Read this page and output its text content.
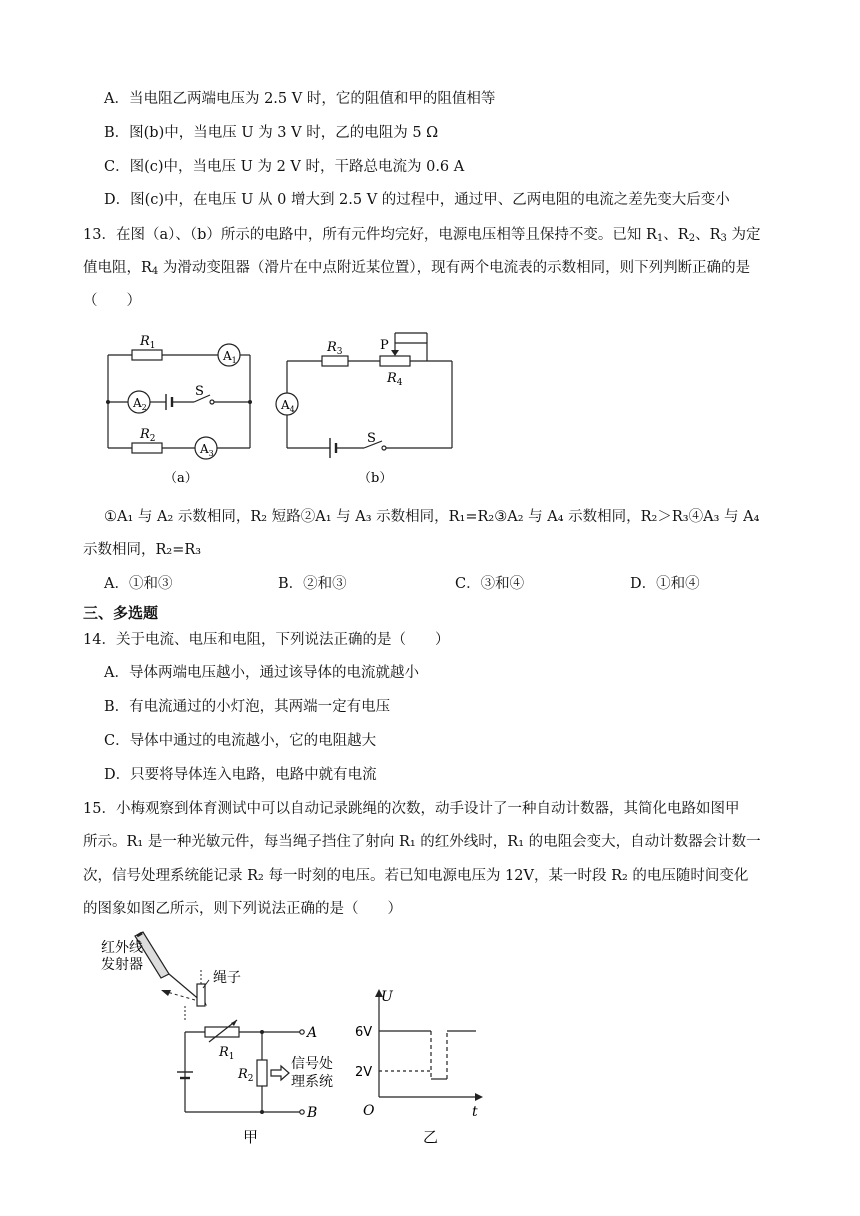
A．当电阻乙两端电压为 2.5 V 时，它的阻值和甲的阻值相等
B．图(b)中，当电压 U 为 3 V 时，乙的电阻为 5 Ω
C．图(c)中，当电压 U 为 2 V 时，干路总电流为 0.6 A
D．图(c)中，在电压 U 从 0 增大到 2.5 V 的过程中，通过甲、乙两电阻的电流之差先变大后变小
13．在图（a）、（b）所示的电路中，所有元件均完好，电源电压相等且保持不变。已知 $R_1$、$R_2$、$R_3$ 为定
值电阻，$R_4$ 为滑动变阻器（滑片在中点附近某位置），现有两个电流表的示数相同，则下列判断正确的是
（　　）
$R_1$
$A_1$
$A_2$
S
$R_2$
$A_3$
（a）
$R_3$	P
$R_4$
$A_4$
S
（b）
①A₁ 与 A₂ 示数相同，R₂ 短路②A₁ 与 A₃ 示数相同，R₁=R₂③A₂ 与 A₄ 示数相同，R₂＞R₃④A₃ 与 A₄
示数相同，R₂=R₃
A．①和③	B．②和③	C．③和④	D．①和④
三、多选题
14．关于电流、电压和电阻，下列说法正确的是（　　）
A．导体两端电压越小，通过该导体的电流就越小
B．有电流通过的小灯泡，其两端一定有电压
C．导体中通过的电流越小，它的电阻越大
D．只要将导体连入电路，电路中就有电流
15．小梅观察到体育测试中可以自动记录跳绳的次数，动手设计了一种自动计数器，其简化电路如图甲
所示。R₁ 是一种光敏元件，每当绳子挡住了射向 R₁ 的红外线时，R₁ 的电阻会变大，自动计数器会计数一
次，信号处理系统能记录 R₂ 每一时刻的电压。若已知电源电压为 12V，某一时段 R₂ 的电压随时间变化
的图象如图乙所示，则下列说法正确的是（　　）
红外线
发射器
绳子
$R_1$
$R_2$
A
B
信号处
理系统
甲
U
t
O
6V
2V
乙
